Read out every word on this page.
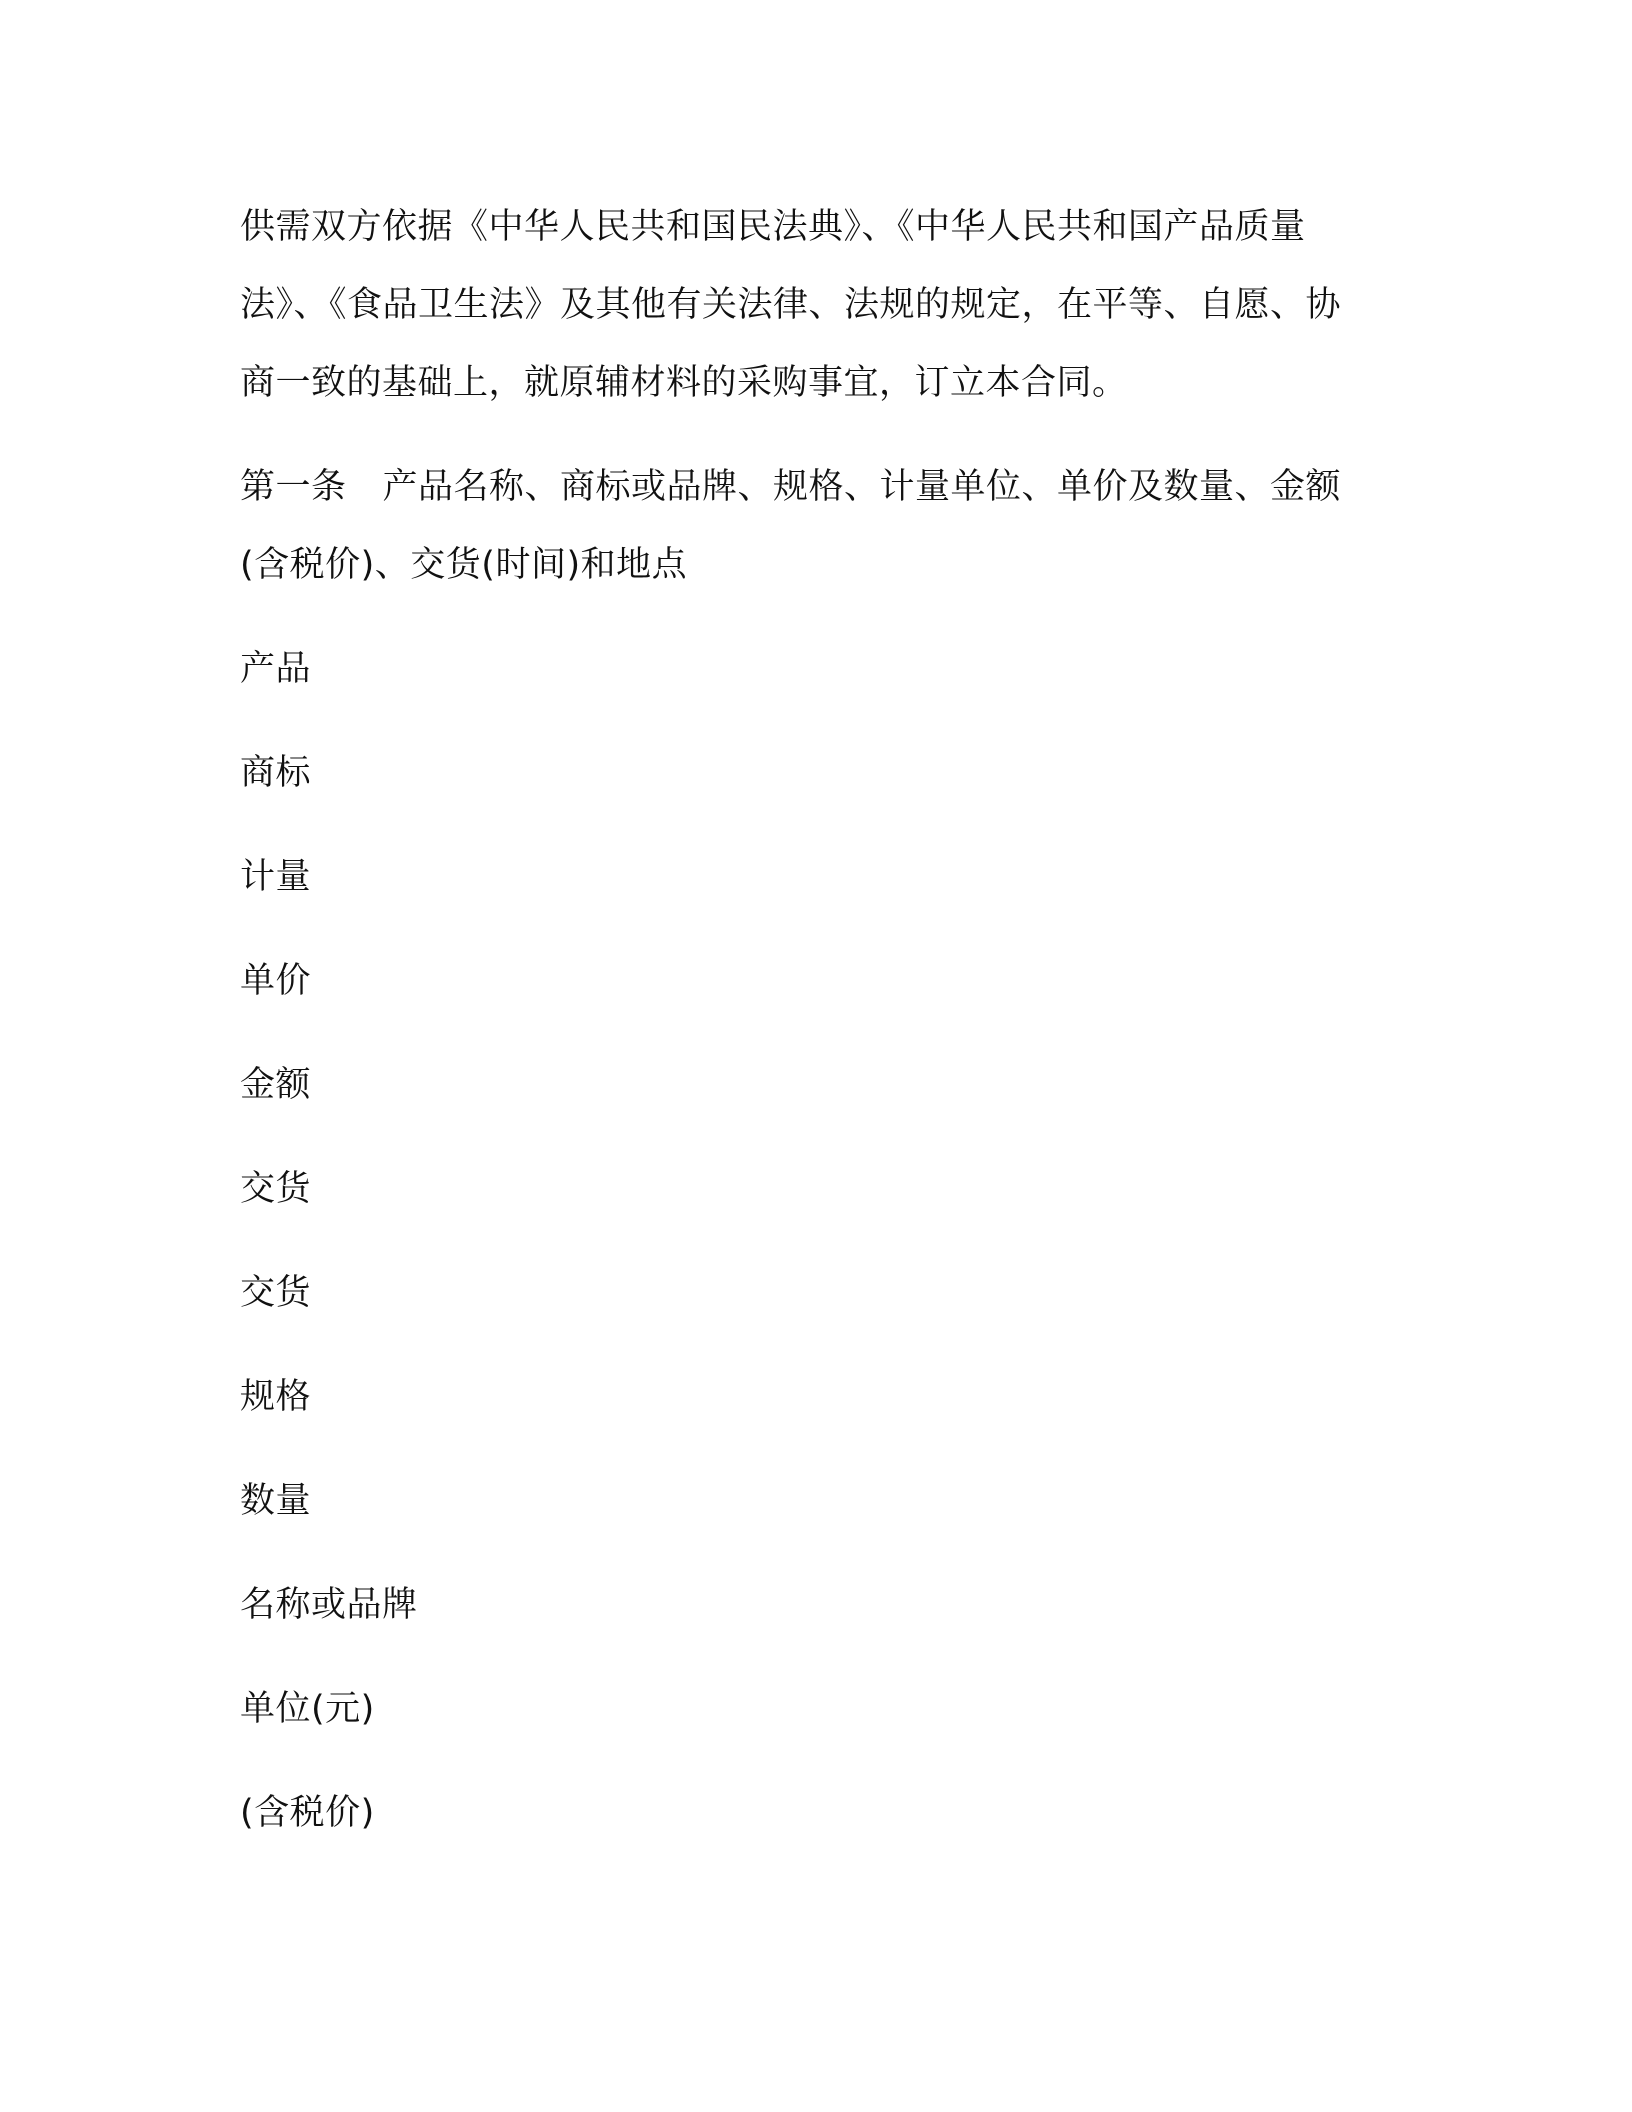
供需双方依据《中华人民共和国民法典》、《中华人民共和国产品质量法》、《食品卫生法》及其他有关法律、法规的规定，在平等、自愿、协商一致的基础上，就原辅材料的采购事宜，订立本合同。

第一条 产品名称、商标或品牌、规格、计量单位、单价及数量、金额(含税价)、交货(时间)和地点

产品

商标

计量

单价

金额

交货

交货

规格

数量

名称或品牌

单位(元)

(含税价)
